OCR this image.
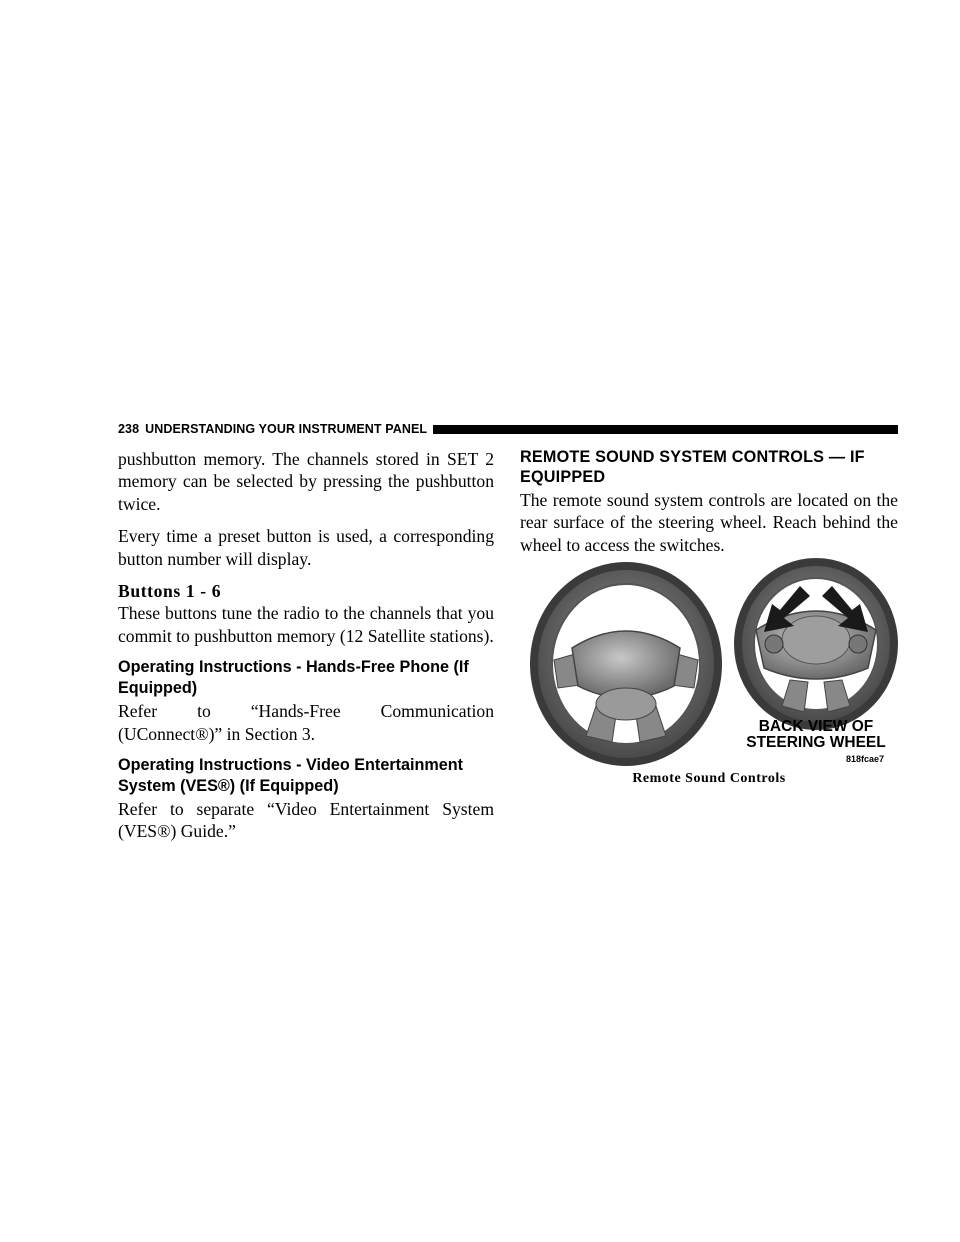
238 UNDERSTANDING YOUR INSTRUMENT PANEL

pushbutton memory. The channels stored in SET 2 memory can be selected by pressing the pushbutton twice.

Every time a preset button is used, a corresponding button number will display.

Buttons 1 - 6

These buttons tune the radio to the channels that you commit to pushbutton memory (12 Satellite stations).

Operating Instructions - Hands-Free Phone (If Equipped)

Refer to “Hands-Free Communication (UConnect®)” in Section 3.

Operating Instructions - Video Entertainment System (VES®) (If Equipped)

Refer to separate “Video Entertainment System (VES®) Guide.”

REMOTE SOUND SYSTEM CONTROLS — IF EQUIPPED

The remote sound system controls are located on the rear surface of the steering wheel. Reach behind the wheel to access the switches.

BACK VIEW OF STEERING WHEEL
818fcae7
Remote Sound Controls
